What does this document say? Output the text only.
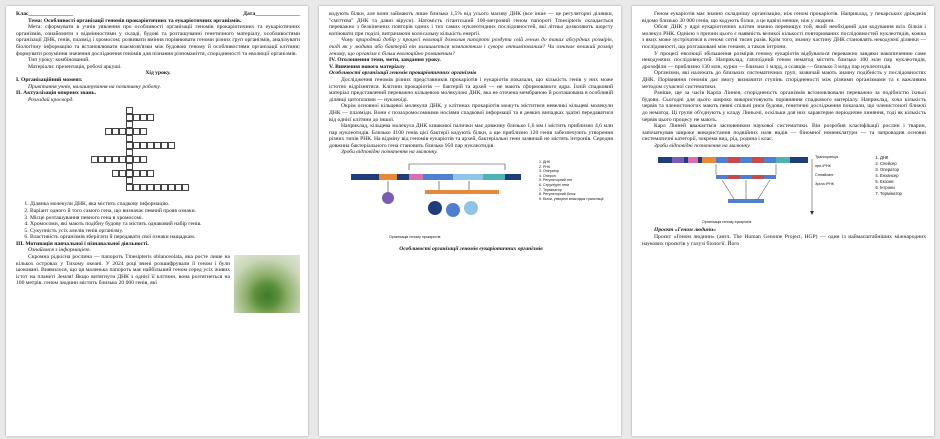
Клас________________	Дата________________

Тема: Особливості організації геномів прокаріотичних та еукаріотичних організмів.

Мета: сформувати в учнів уявлення про особливості організації геномів прокаріотичних та еукаріотичних організмів, ознайомити з відмінностями у складі, будові та розташуванні генетичного матеріалу, особливостями організації ДНК, генів, плазмід і хромосом; розвивати вміння порівнювати геноми різних груп організмів, аналізувати біологічну інформацію та встановлювати взаємозв'язки між будовою геному й особливостями організації клітини; формувати розуміння значення дослідження геномів для пізнання різноманіття, спорідненості та еволюції організмів.

Тип уроку: комбінований.

Матеріали: презентація, робочі аркуші.

Хід уроку.

І. Організаційний момент.

Привітання учнів, налаштування на позитивну роботу.

ІІ. Актуалізація опорних знань.

Розгадай кросворд.

1. Ділянка молекули ДНК, яка містить спадкову інформацію.
2. Варіант одного й того самого гена, що визначає певний прояв ознаки.
3. Місце розташування певного гена в хромосомі.
4. Хромосоми, які мають подібну будову та містять однаковий набір генів.
5. Сукупність усіх алелів генів організму.
6. Властивість організмів зберігати й передавати свої ознаки нащадкам.

ІІІ. Мотивація навчальної і пізнавальної діяльності.

Ознайомся з інформацією.

Скромна рідкісна рослина — папороть Tmesipteris oblanceolata, яка росте лише на кількох островах у Тихому океані. У 2024 році вчені розшифрували її геном і були шоковані. Виявилося, що ця маленька папороть має найбільший геном серед усіх живих істот на планеті Земля! Якщо витягнути ДНК з однієї її клітини, вона розтягнеться на 100 метрів. геном людини містить близько 20 000 генів, які

кодують білки, але вони займають лише близько 1,5% від усього масиву ДНК (все інше — це регуляторні ділянки, "сміттєва" ДНК та давні віруси). Натомість гігантський 100-метровий геном папороті Tmesipteris складається переважно з безкінечних повторів одних і тих самих нуклеотидних послідовностей, які літньо дозволяють шорсту копіювати при поділі, витрачаючи колосальну кількість енергії.

Чому природний добір у процесі еволюції дозволив папороті роздути свій геном до таких абсурдних розмірів, тоді як у людини або бактерій він залишається компактним і суворо оптимізованим? Чи означає великий розмір геному, що організм є більш еволюційно розвиненим?

IV. Оголошення теми, мети, завдання уроку.

V. Вивчення нового матеріалу

Особливості організації геномів прокаріотичних організмів

Дослідження геномів різних представників прокаріотів і еукаріотів показали, що кількість генів у них може істотно відрізнятися. Клітини прокаріотів — бактерій та архей — не мають сформованого ядра. Їхній спадковий матеріал представлений переважно кільцевою молекулою ДНК, яка не оточена мембраною й розташована в особливій ділянці цитоплазми — нуклеоїді.

Окрім основної кільцевої молекули ДНК, у клітинах прокаріотів можуть міститися невеликі кільцеві молекули ДНК — плазміди. Вони є позахромосомними носіями спадкової інформації та в деяких випадках здатні передаватися від однієї клітини до іншої.

Наприклад, кільцева молекула ДНК кишкової палички має довжину близько 1,6 мм і містить приблизно 4,6 млн пар нуклеотидів. Близько 4100 генів цієї бактерії кодують білки, а ще приблизно 120 генів забезпечують утворення різних типів РНК. На відміну від геномів еукаріотів та архей, бактеріальні гени зазвичай не містять інтронів. Середня довжина бактеріального гена становить близько 950 пар нуклеотидів.

Зроби відповідні позначення на малюнку.

1. ДНК
2. РНК
3. Оператор
4. Оперон
5. Регуляторний ген
6. Структурні гени
7. Термінатор
8. Регуляторний білок
9. Білки, утворені внаслідок трансляції
Організація геному прокаріотів

Особливості організації геномів еукаріотичних організмів

Геном еукаріотів має значно складнішу організацію, ніж геном прокаріотів. Наприклад, у пекарських дріжджів відомо близько 30 000 генів, що кодують білки, а це вдвічі менше, ніж у людини.

Обсяг ДНК у ядрі еукаріотичних клітин значно перевищує той, який необхідний для кодування всіх білків і молекул РНК. Однією з причин цього є наявність великої кількості повторюваних послідовностей нуклеотидів, кожна з яких може зустрічатися в геномі сотні тисяч разів. Крім того, значну частину ДНК становлять некодуючі ділянки — послідовності, що розташовані між генами, а також інтрони.

У процесі еволюції збільшення розмірів геному еукаріотів відбувалося переважно завдяки накопиченню саме некодуючих послідовностей. Наприклад, гаплоїдний геном нематод містить близько 100 млн пар нуклеотидів, дрозофіли — приблизно 130 млн, курки — близько 1 млрд, а ссавців — близько 3 млрд пар нуклеотидів.

Організми, які належать до близьких систематичних груп, зазвичай мають значну подібність у послідовностях ДНК. Порівняння геномів дає змогу визначити ступінь спорідненості між різними організмами та є важливим методом сучасної систематики.

Раніше, ще за часів Карла Ліннея, спорідненість організмів встановлювали переважно за подібністю їхньої будови. Сьогодні для цього широко використовують порівняння спадкового матеріалу. Наприклад, хоча кількість червів та членистоногих мають певні спільні риси будови, генетичні дослідження показали, що членистоногі ближчі до нематод. Ці групи об'єднують у кладу Линьочі, оскільки для них характерне періодичне линяння, тоді як кількість червів цього процесу не мають.

Карл Лінней вважається засновником наукової систематики. Він розробив класифікації рослин і тварин, започаткував широке використання подвійних назв видів — біномної номенклатури — та запровадив основні систематичні категорії, зокрема вид, рід, родина і клас.

Зроби відповідні позначення на малюнку.

Транскрипція
пре-іРНК
Сплайсинг
Зріла іРНК
1. ДНК
2. Спейсер
3. Оператор
4. Енхансер
5. Екзони
6. Інтрони
7. Термінатор
Організація геному еукаріотів

Проєкт «Геном людини»

Проєкт «Геном людини» (англ. The Human Genome Project, HGP) — один із наймасштабніших міжнародних наукових проєктів у галузі біології. Його
